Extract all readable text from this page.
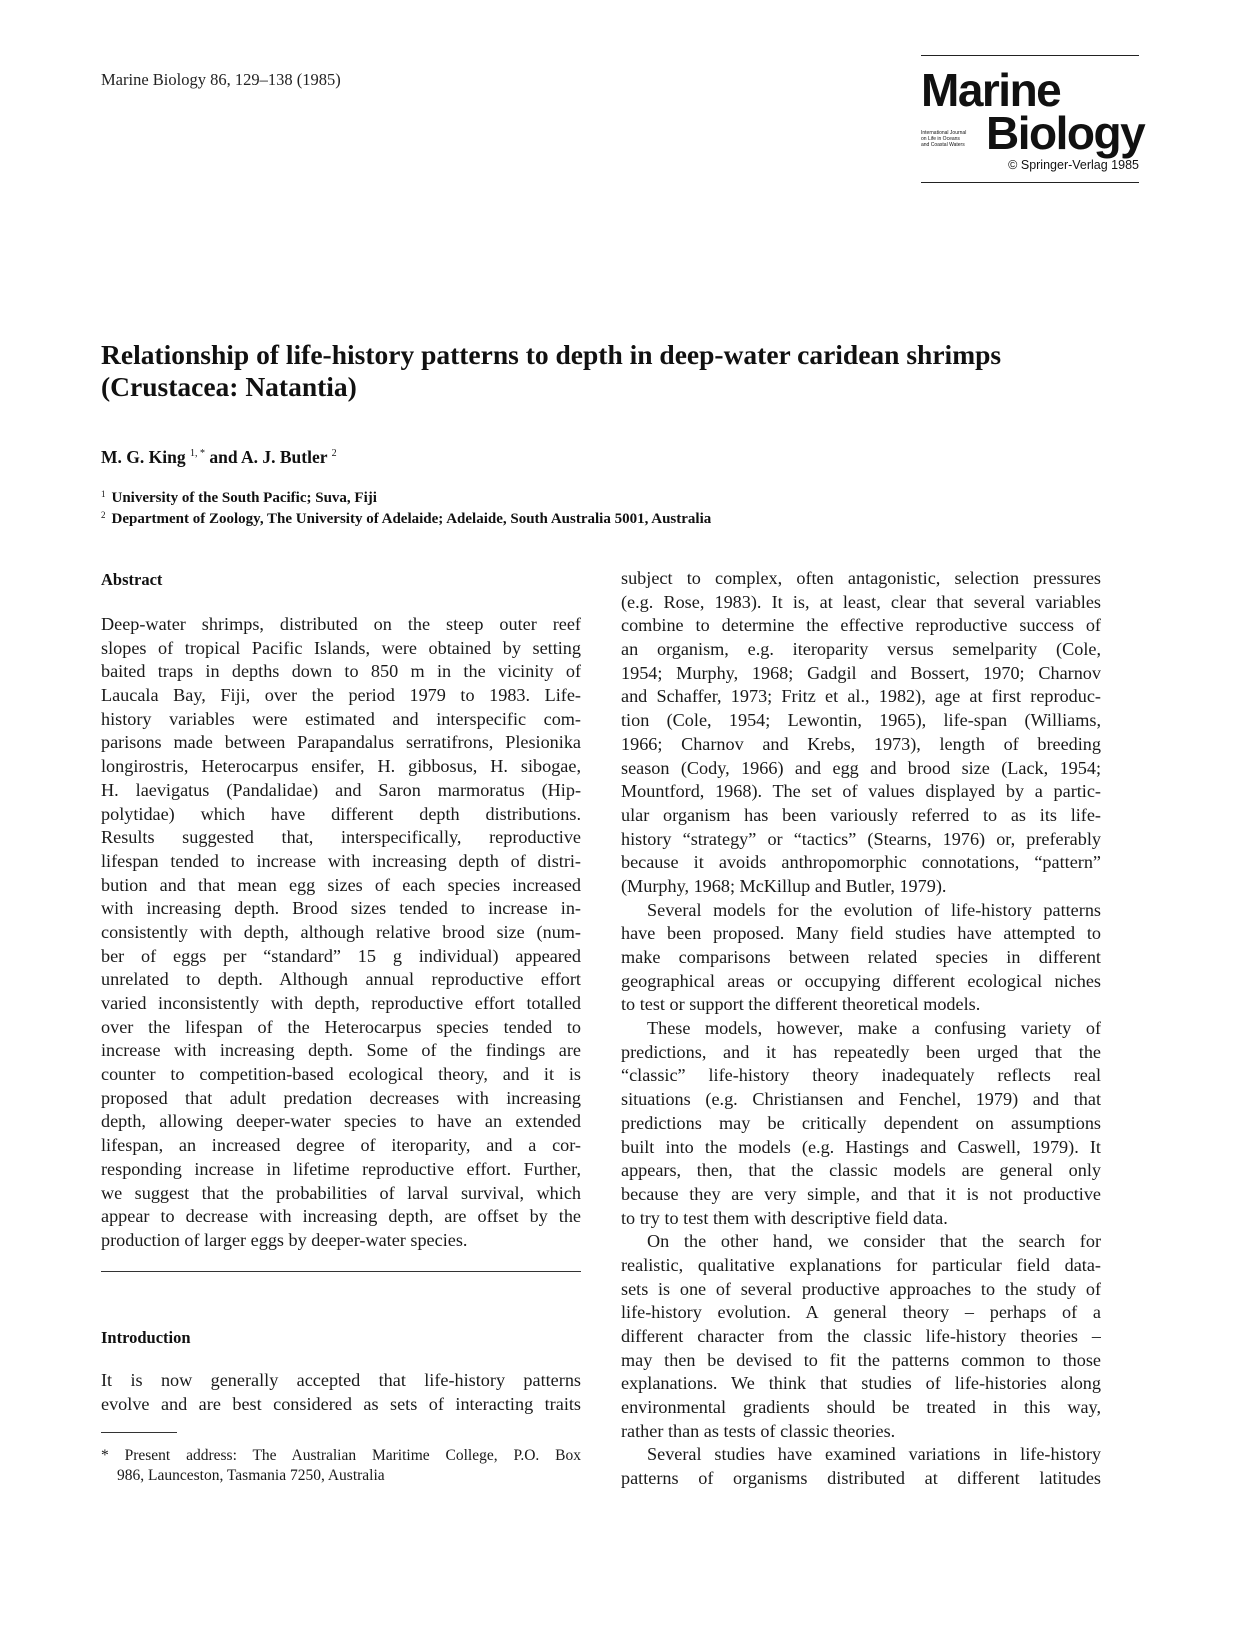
Marine Biology 86, 129–138 (1985)	Marine
International Journal
on Life in Oceans
and Coastal Waters Biology
© Springer-Verlag 1985
Relationship of life-history patterns to depth in deep-water caridean shrimps
(Crustacea: Natantia)
M. G. King $^{1, *}$ and A. J. Butler $^2$
$^1$ University of the South Pacific; Suva, Fiji
$^2$ Department of Zoology, The University of Adelaide; Adelaide, South Australia 5001, Australia
Abstract
Deep-water shrimps, distributed on the steep outer reef
slopes of tropical Pacific Islands, were obtained by setting
baited traps in depths down to 850 m in the vicinity of
Laucala Bay, Fiji, over the period 1979 to 1983. Life-
history variables were estimated and interspecific com-
parisons made between Parapandalus serratifrons, Plesionika
longirostris, Heterocarpus ensifer, H. gibbosus, H. sibogae,
H. laevigatus (Pandalidae) and Saron marmoratus (Hip-
polytidae) which have different depth distributions.
Results suggested that, interspecifically, reproductive
lifespan tended to increase with increasing depth of distri-
bution and that mean egg sizes of each species increased
with increasing depth. Brood sizes tended to increase in-
consistently with depth, although relative brood size (num-
ber of eggs per “standard” 15 g individual) appeared
unrelated to depth. Although annual reproductive effort
varied inconsistently with depth, reproductive effort totalled
over the lifespan of the Heterocarpus species tended to
increase with increasing depth. Some of the findings are
counter to competition-based ecological theory, and it is
proposed that adult predation decreases with increasing
depth, allowing deeper-water species to have an extended
lifespan, an increased degree of iteroparity, and a cor-
responding increase in lifetime reproductive effort. Further,
we suggest that the probabilities of larval survival, which
appear to decrease with increasing depth, are offset by the
production of larger eggs by deeper-water species.
Introduction
It is now generally accepted that life-history patterns
evolve and are best considered as sets of interacting traits
* Present address: The Australian Maritime College, P.O. Box
986, Launceston, Tasmania 7250, Australia
subject to complex, often antagonistic, selection pressures
(e.g. Rose, 1983). It is, at least, clear that several variables
combine to determine the effective reproductive success of
an organism, e.g. iteroparity versus semelparity (Cole,
1954; Murphy, 1968; Gadgil and Bossert, 1970; Charnov
and Schaffer, 1973; Fritz et al., 1982), age at first reproduc-
tion (Cole, 1954; Lewontin, 1965), life-span (Williams,
1966; Charnov and Krebs, 1973), length of breeding
season (Cody, 1966) and egg and brood size (Lack, 1954;
Mountford, 1968). The set of values displayed by a partic-
ular organism has been variously referred to as its life-
history “strategy” or “tactics” (Stearns, 1976) or, preferably
because it avoids anthropomorphic connotations, “pattern”
(Murphy, 1968; McKillup and Butler, 1979).
Several models for the evolution of life-history patterns
have been proposed. Many field studies have attempted to
make comparisons between related species in different
geographical areas or occupying different ecological niches
to test or support the different theoretical models.
These models, however, make a confusing variety of
predictions, and it has repeatedly been urged that the
“classic” life-history theory inadequately reflects real
situations (e.g. Christiansen and Fenchel, 1979) and that
predictions may be critically dependent on assumptions
built into the models (e.g. Hastings and Caswell, 1979). It
appears, then, that the classic models are general only
because they are very simple, and that it is not productive
to try to test them with descriptive field data.
On the other hand, we consider that the search for
realistic, qualitative explanations for particular field data-
sets is one of several productive approaches to the study of
life-history evolution. A general theory – perhaps of a
different character from the classic life-history theories –
may then be devised to fit the patterns common to those
explanations. We think that studies of life-histories along
environmental gradients should be treated in this way,
rather than as tests of classic theories.
Several studies have examined variations in life-history
patterns of organisms distributed at different latitudes
